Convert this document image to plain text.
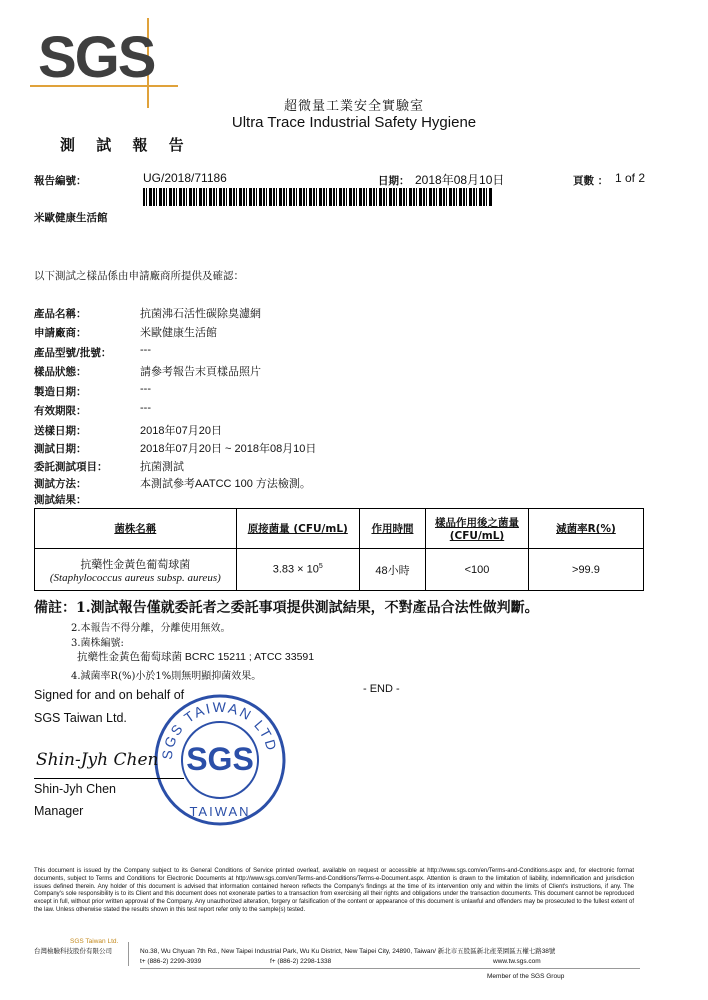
SGS
超微量工業安全實驗室
Ultra Trace Industrial Safety Hygiene
測 試 報 告
報告編號：	UG/2018/71186	日期： 2018年08月10日	頁數 ： 1 of 2
米歐健康生活館
以下測試之樣品係由申請廠商所提供及確認：
產品名稱：	抗菌沸石活性碳除臭濾網
申請廠商：	米歐健康生活館
產品型號/批號：	---
樣品狀態：	請參考報告末頁樣品照片
製造日期：	---
有效期限：	---
送樣日期：	2018年07月20日
測試日期：	2018年07月20日 ~ 2018年08月10日
委託測試項目：	抗菌測試
測試方法：	本測試參考AATCC 100 方法檢測。
測試結果：
菌株名稱	原接菌量 (CFU/mL)	作用時間	樣品作用後之菌量(CFU/mL)	減菌率R(%)

抗藥性金黃色葡萄球菌
(Staphylococcus aureus subsp. aureus)	$3.83 \times 10^5$	48小時	<100	>99.9
備註：1.測試報告僅就委託者之委託事項提供測試結果，不對產品合法性做判斷。
2.本報告不得分離，分離使用無效。
3.菌株編號:
抗藥性金黃色葡萄球菌 BCRC 15211 ; ATCC 33591
4.減菌率R(%)小於1%則無明顯抑菌效果。
- END -
Signed for and on behalf of
SGS Taiwan Ltd.
SGS TAIWAN LTD
SGS
TAIWAN
Shin-Jyh Chen
Shin-Jyh Chen
Manager
This document is issued by the Company subject to its General Conditions of Service printed overleaf, available on request or accessible at http://www.sgs.com/en/Terms-and-Conditions.aspx and, for electronic format documents, subject to Terms and Conditions for Electronic Documents at http://www.sgs.com/en/Terms-and-Conditions/Terms-e-Document.aspx. Attention is drawn to the limitation of liability, indemnification and jurisdiction issues defined therein. Any holder of this document is advised that information contained hereon reflects the Company's findings at the time of its intervention only and within the limits of Client's instructions, if any. The Company's sole responsibility is to its Client and this document does not exonerate parties to a transaction from exercising all their rights and obligations under the transaction documents. This document cannot be reproduced except in full, without prior written approval of the Company. Any unauthorized alteration, forgery or falsification of the content or appearance of this document is unlawful and offenders may be prosecuted to the fullest extent of the law. Unless otherwise stated the results shown in this test report refer only to the sample(s) tested.
SGS Taiwan Ltd.
台灣檢驗科技股份有限公司	No.38, Wu Chyuan 7th Rd., New Taipei Industrial Park, Wu Ku District, New Taipei City, 24890, Taiwan/ 新北市五股區新北產業園區五權七路38號
t+ (886-2) 2299-3939	f+ (886-2) 2298-1338	www.tw.sgs.com
Member of the SGS Group
